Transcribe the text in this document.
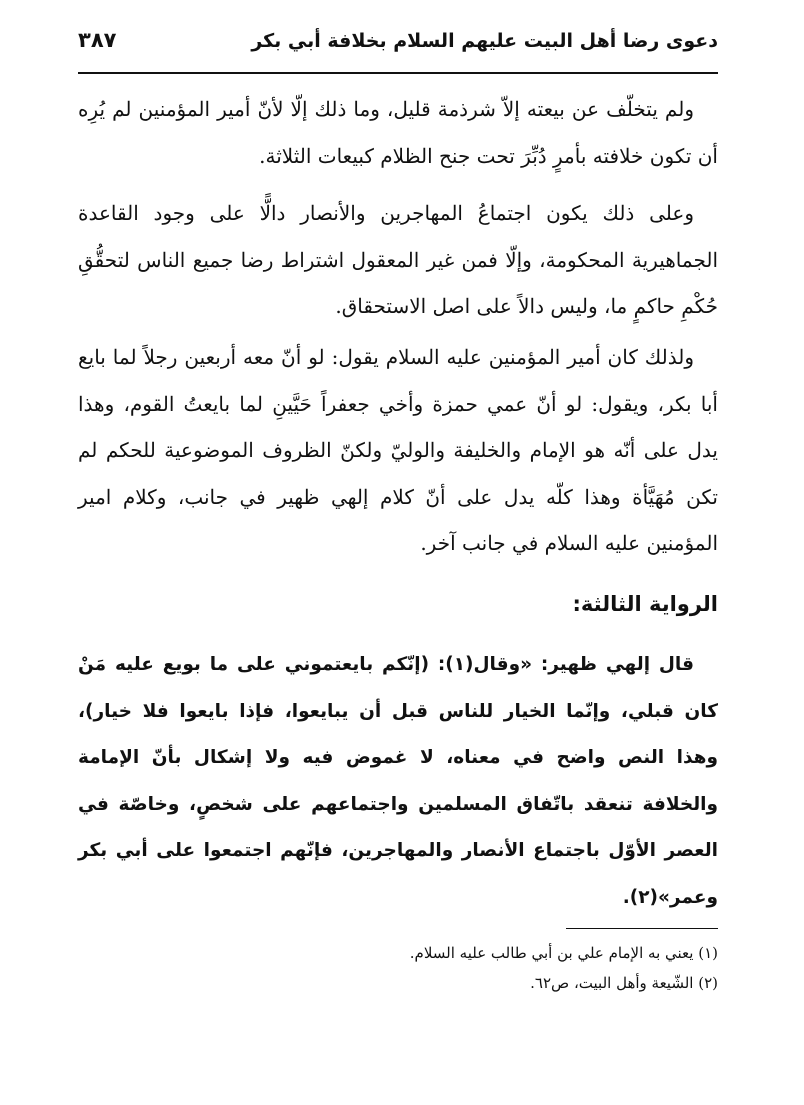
دعوى رضا أهل البيت عليهم السلام بخلافة أبي بكر
٣٨٧

ولم يتخلّف عن بيعته إلاّ شرذمة قليل، وما ذلك إلّا لأنّ أمير المؤمنين لم يُرِه أن تكون خلافته بأمرٍ دُبِّرَ تحت جنح الظلام كبيعات الثلاثة.

وعلى ذلك يكون اجتماعُ المهاجرين والأنصار دالًّا على وجود القاعدة الجماهيرية المحكومة، وإلّا فمن غير المعقول اشتراط رضا جميع الناس لتحقُّقِ حُكْمِ حاكمٍ ما، وليس دالاً على اصل الاستحقاق.

ولذلك كان أمير المؤمنين عليه السلام يقول: لو أنّ معه أربعين رجلاً لما بايع أبا بكر، ويقول: لو أنّ عمي حمزة وأخي جعفراً حَيَّينِ لما بايعتُ القوم، وهذا يدل على أنّه هو الإمام والخليفة والوليّ ولكنّ الظروف الموضوعية للحكم لم تكن مُهَيَّأة وهذا كلّه يدل على أنّ كلام إلهي ظهير في جانب، وكلام امير المؤمنين عليه السلام في جانب آخر.

الرواية الثالثة:

قال إلهي ظهير: «وقال(١): (إنّكم بايعتموني على ما بويع عليه مَنْ كان قبلي، وإنّما الخيار للناس قبل أن يبايعوا، فإذا بايعوا فلا خيار)، وهذا النص واضح في معناه، لا غموض فيه ولا إشكال بأنّ الإمامة والخلافة تنعقد باتّفاق المسلمين واجتماعهم على شخصٍ، وخاصّة في العصر الأوّل باجتماع الأنصار والمهاجرين، فإنّهم اجتمعوا على أبي بكر وعمر»(٢).

(١) يعني به الإمام علي بن أبي طالب عليه السلام.
(٢) الشّيعة وأهل البيت، ص٦٢.
